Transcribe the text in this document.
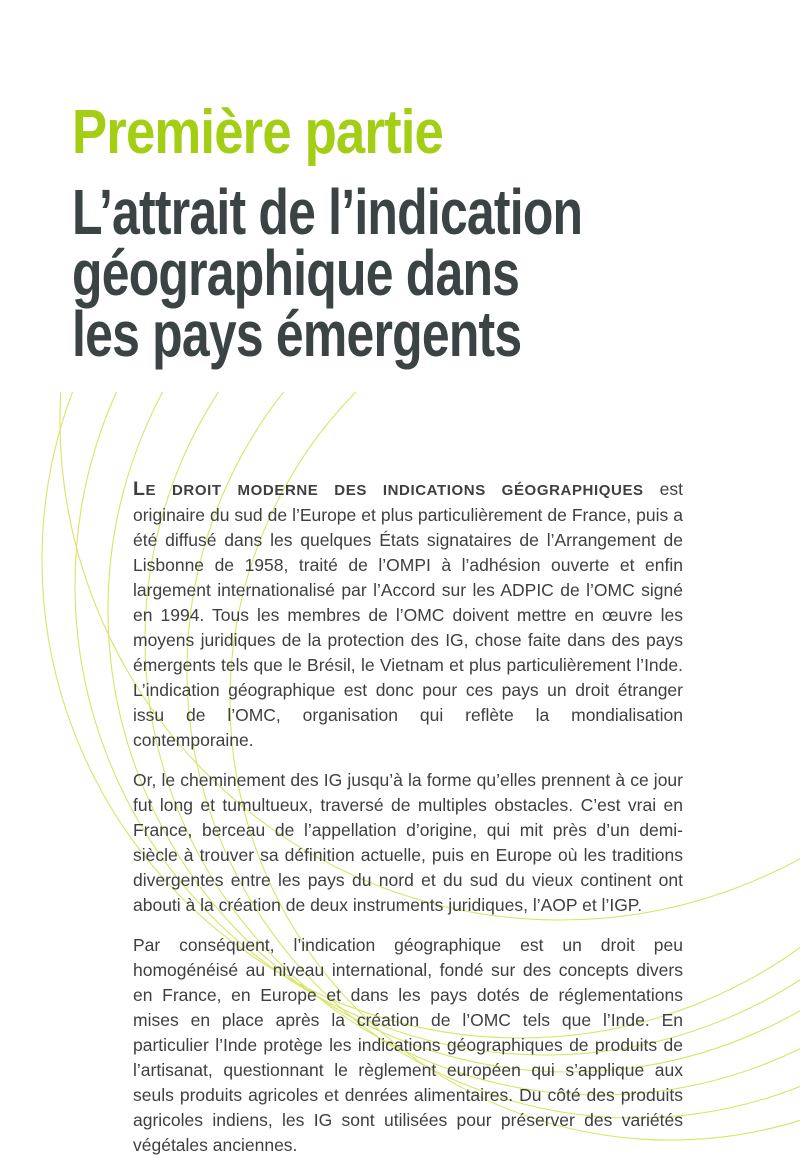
Première partie
L’attrait de l’indication
géographique dans
les pays émergents

LE DROIT MODERNE DES INDICATIONS GÉOGRAPHIQUES est originaire du sud de l’Europe et plus particulièrement de France, puis a été diffusé dans les quelques États signataires de l’Arrangement de Lisbonne de 1958, traité de l’OMPI à l’adhésion ouverte et enfin largement internationalisé par l’Accord sur les ADPIC de l’OMC signé en 1994. Tous les membres de l’OMC doivent mettre en œuvre les moyens juridiques de la protection des IG, chose faite dans des pays émergents tels que le Brésil, le Vietnam et plus particulièrement l’Inde. L’indication géographique est donc pour ces pays un droit étranger issu de l’OMC, organisation qui reflète la mondialisation contemporaine.

Or, le cheminement des IG jusqu’à la forme qu’elles prennent à ce jour fut long et tumultueux, traversé de multiples obstacles. C’est vrai en France, berceau de l’appellation d’origine, qui mit près d’un demi-siècle à trouver sa définition actuelle, puis en Europe où les traditions divergentes entre les pays du nord et du sud du vieux continent ont abouti à la création de deux instruments juridiques, l’AOP et l’IGP.

Par conséquent, l’indication géographique est un droit peu homogénéisé au niveau international, fondé sur des concepts divers en France, en Europe et dans les pays dotés de réglementations mises en place après la création de l’OMC tels que l’Inde. En particulier l’Inde protège les indications géographiques de produits de l’artisanat, questionnant le règlement européen qui s’applique aux seuls produits agricoles et denrées alimentaires. Du côté des produits agricoles indiens, les IG sont utilisées pour préserver des variétés végétales anciennes.
